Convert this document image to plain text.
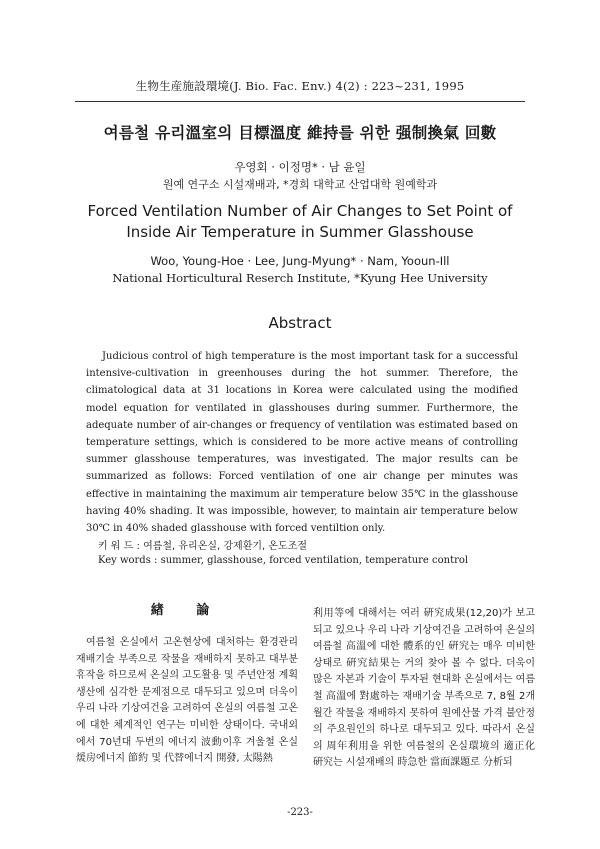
生物生産施設環境(J. Bio. Fac. Env.) 4(2) : 223~231, 1995
여름철 유리溫室의 目標溫度 維持를 위한 强制換氣 回數
우영회 · 이정명* · 남 윤일
원예 연구소 시설재배과, *경희 대학교 산업대학 원예학과
Forced Ventilation Number of Air Changes to Set Point of
Inside Air Temperature in Summer Glasshouse
Woo, Young-Hoe · Lee, Jung-Myung* · Nam, Yooun-Ill
National Horticultural Reserch Institute, *Kyung Hee University
Abstract

Judicious control of high temperature is the most important task for a successful intensive-cultivation in greenhouses during the hot summer. Therefore, the climatological data at 31 locations in Korea were calculated using the modified model equation for ventilated in glasshouses during summer. Furthermore, the adequate number of air-changes or frequency of ventilation was estimated based on temperature settings, which is considered to be more active means of controlling summer glasshouse temperatures, was investigated. The major results can be summarized as follows: Forced ventilation of one air change per minutes was effective in maintaining the maximum air temperature below 35℃ in the glasshouse having 40% shading. It was impossible, however, to maintain air temperature below 30℃ in 40% shaded glasshouse with forced ventiltion only.

키 워 드 : 여름철, 유리온실, 강제환기, 온도조절
Key words : summer, glasshouse, forced ventilation, temperature control
緖 論

여름철 온실에서 고온현상에 대처하는 환경관리 재배기술 부족으로 작물을 재배하지 못하고 대부분 휴작을 하므로써 온실의 고도활용 및 주년안정 계획생산에 심각한 문제점으로 대두되고 있으며 더욱이 우리 나라 기상여건을 고려하여 온실의 여름철 고온에 대한 체계적인 연구는 미비한 상태이다. 국내외에서 70년대 두번의 에너지 波動이후 겨울철 온실煖房에너지 節約 및 代替에너지 開發, 太陽熱

利用等에 대해서는 여러 硏究成果(12,20)가 보고되고 있으나 우리 나라 기상여건을 고려하여 온실의 여름철 高溫에 대한 體系的인 硏究는 매우 미비한 상태로 硏究結果는 거의 찾아 볼 수 없다. 더욱이 많은 자본과 기술이 투자된 현대화 온실에서는 여름철 高溫에 對處하는 재배기술 부족으로 7, 8월 2개월간 작물을 재배하지 못하여 원예산물 가격 불안정의 주요원인의 하나로 대두되고 있다. 따라서 온실의 周年利用을 위한 여름철의 온실環境의 適正化 硏究는 시설재배의 時急한 當面課題로 分析되

-223-
